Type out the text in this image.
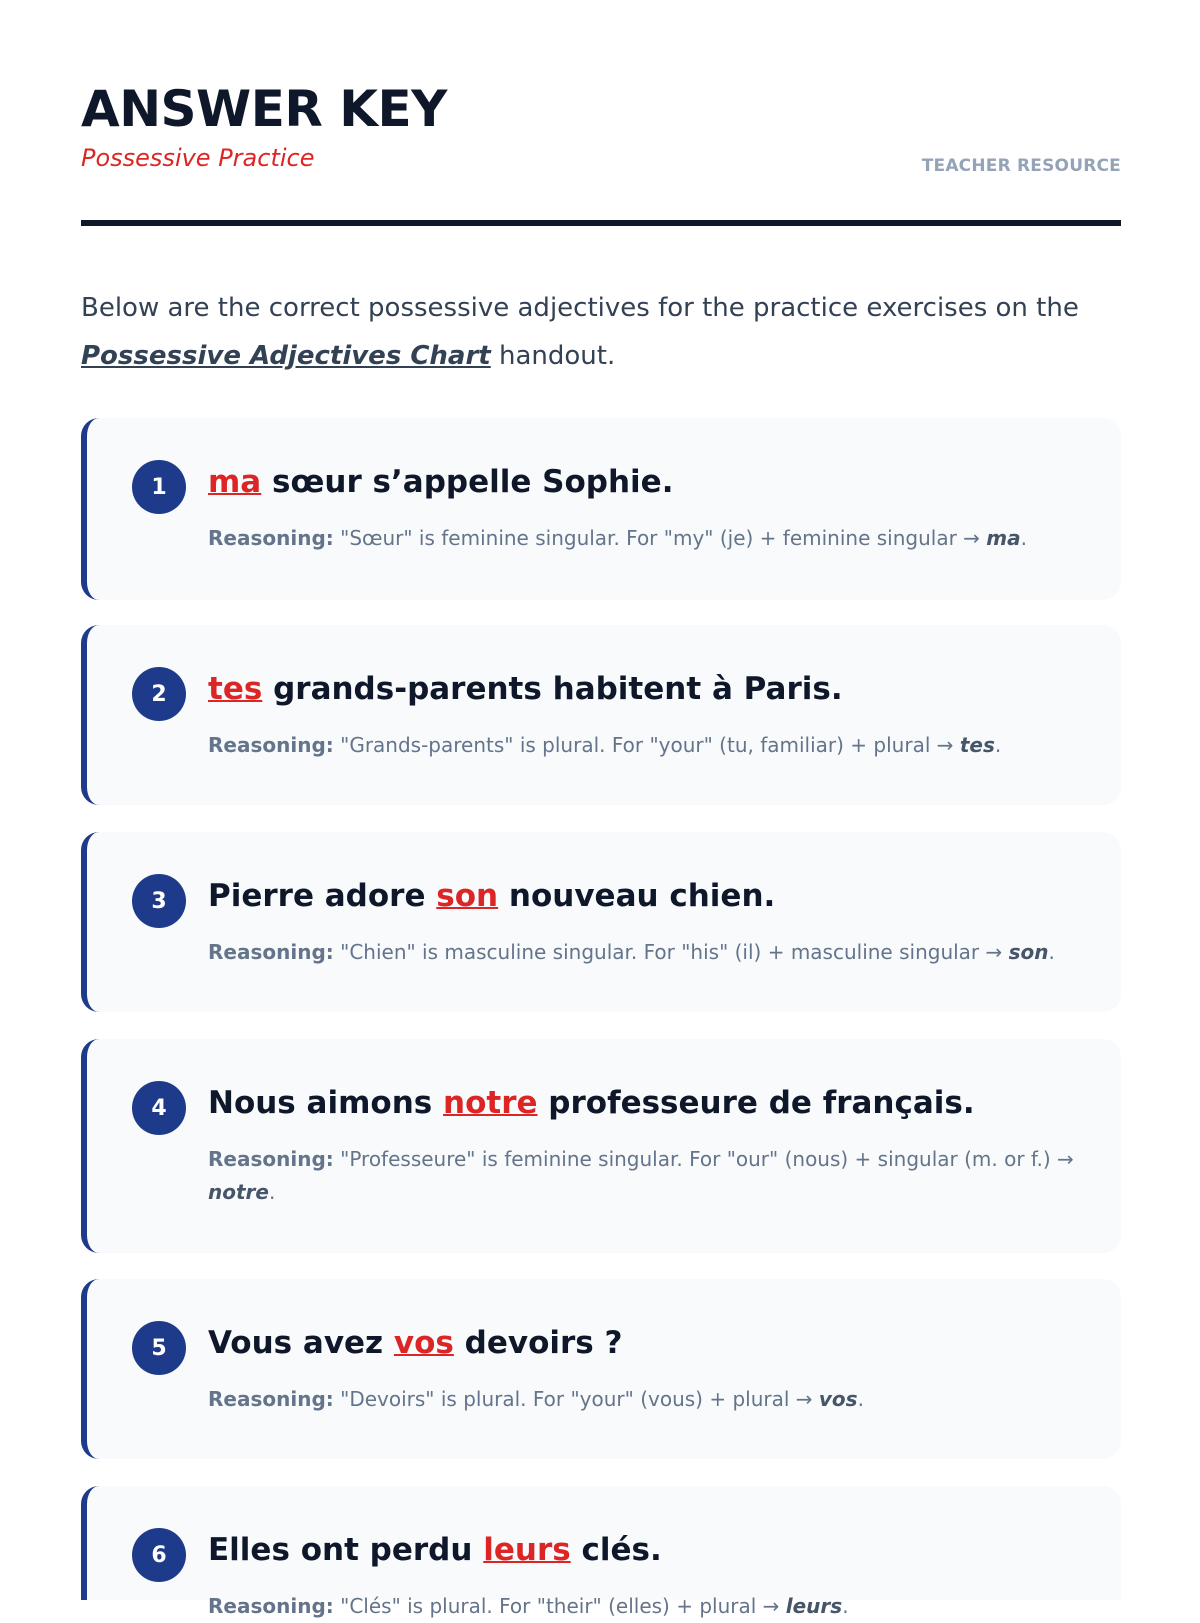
ANSWER KEY
Possessive Practice	TEACHER RESOURCE

Below are the correct possessive adjectives for the practice exercises on the Possessive Adjectives Chart handout.

1	ma sœur s’appelle Sophie.
Reasoning: "Sœur" is feminine singular. For "my" (je) + feminine singular → ma.
2	tes grands-parents habitent à Paris.
Reasoning: "Grands-parents" is plural. For "your" (tu, familiar) + plural → tes.
3	Pierre adore son nouveau chien.
Reasoning: "Chien" is masculine singular. For "his" (il) + masculine singular → son.
4	Nous aimons notre professeure de français.
Reasoning: "Professeure" is feminine singular. For "our" (nous) + singular (m. or f.) → notre.
5	Vous avez vos devoirs ?
Reasoning: "Devoirs" is plural. For "your" (vous) + plural → vos.
6	Elles ont perdu leurs clés.
Reasoning: "Clés" is plural. For "their" (elles) + plural → leurs.
